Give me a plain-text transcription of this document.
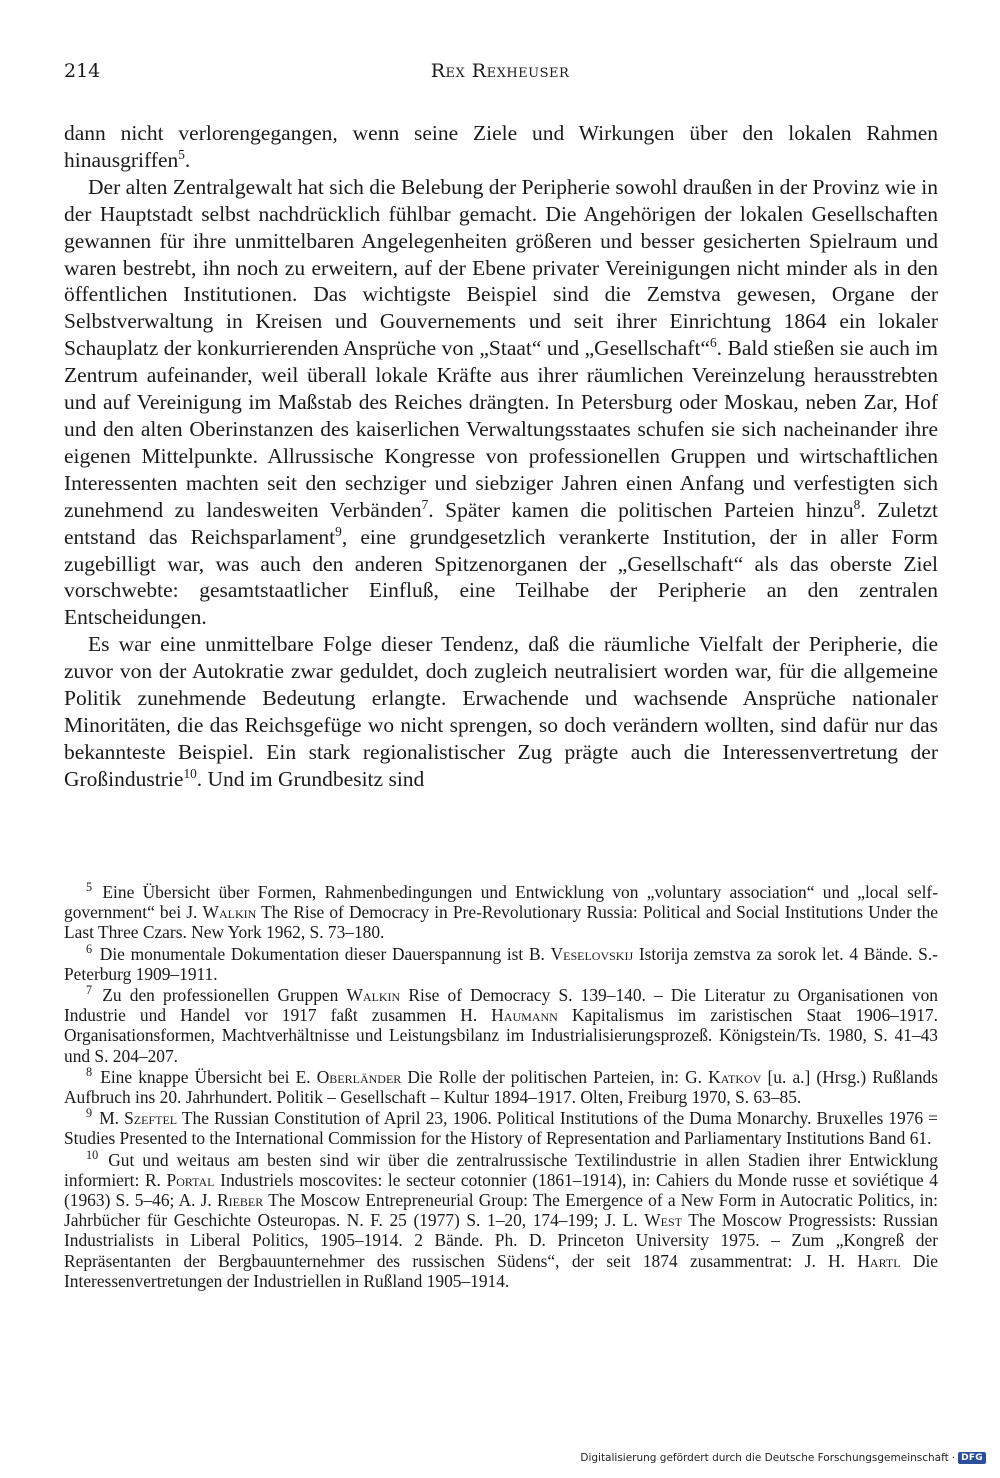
214	Rex Rexheuser

dann nicht verlorengegangen, wenn seine Ziele und Wirkungen über den lokalen Rahmen hinausgriffen$^5$.

Der alten Zentralgewalt hat sich die Belebung der Peripherie sowohl draußen in der Provinz wie in der Hauptstadt selbst nachdrücklich fühlbar gemacht. Die Angehörigen der lokalen Gesellschaften gewannen für ihre unmittelbaren Angelegenheiten größeren und besser gesicherten Spielraum und waren bestrebt, ihn noch zu erweitern, auf der Ebene privater Vereinigungen nicht minder als in den öffentlichen Institutionen. Das wichtigste Beispiel sind die Zemstva gewesen, Organe der Selbstverwaltung in Kreisen und Gouvernements und seit ihrer Einrichtung 1864 ein lokaler Schauplatz der konkurrierenden Ansprüche von „Staat“ und „Gesellschaft“$^6$. Bald stießen sie auch im Zentrum aufeinander, weil überall lokale Kräfte aus ihrer räumlichen Vereinzelung herausstrebten und auf Vereinigung im Maßstab des Reiches drängten. In Petersburg oder Moskau, neben Zar, Hof und den alten Oberinstanzen des kaiserlichen Verwaltungsstaates schufen sie sich nacheinander ihre eigenen Mittelpunkte. Allrussische Kongresse von professionellen Gruppen und wirtschaftlichen Interessenten machten seit den sechziger und siebziger Jahren einen Anfang und verfestigten sich zunehmend zu landesweiten Verbänden$^7$. Später kamen die politischen Parteien hinzu$^8$. Zuletzt entstand das Reichsparlament$^9$, eine grundgesetzlich verankerte Institution, der in aller Form zugebilligt war, was auch den anderen Spitzenorganen der „Gesellschaft“ als das oberste Ziel vorschwebte: gesamtstaatlicher Einfluß, eine Teilhabe der Peripherie an den zentralen Entscheidungen.

Es war eine unmittelbare Folge dieser Tendenz, daß die räumliche Vielfalt der Peripherie, die zuvor von der Autokratie zwar geduldet, doch zugleich neutralisiert worden war, für die allgemeine Politik zunehmende Bedeutung erlangte. Erwachende und wachsende Ansprüche nationaler Minoritäten, die das Reichsgefüge wo nicht sprengen, so doch verändern wollten, sind dafür nur das bekannteste Beispiel. Ein stark regionalistischer Zug prägte auch die Interessenvertretung der Großindustrie$^{10}$. Und im Grundbesitz sind

$^5$ Eine Übersicht über Formen, Rahmenbedingungen und Entwicklung von „voluntary association“ und „local self-government“ bei J. Walkin The Rise of Democracy in Pre-Revolutionary Russia: Political and Social Institutions Under the Last Three Czars. New York 1962, S. 73–180.

$^6$ Die monumentale Dokumentation dieser Dauerspannung ist B. Veselovskij Istorija zemstva za sorok let. 4 Bände. S.-Peterburg 1909–1911.

$^7$ Zu den professionellen Gruppen Walkin Rise of Democracy S. 139–140. – Die Literatur zu Organisationen von Industrie und Handel vor 1917 faßt zusammen H. Haumann Kapitalismus im zaristischen Staat 1906–1917. Organisationsformen, Machtverhältnisse und Leistungsbilanz im Industrialisierungsprozeß. Königstein/Ts. 1980, S. 41–43 und S. 204–207.

$^8$ Eine knappe Übersicht bei E. Oberländer Die Rolle der politischen Parteien, in: G. Katkov [u. a.] (Hrsg.) Rußlands Aufbruch ins 20. Jahrhundert. Politik – Gesellschaft – Kultur 1894–1917. Olten, Freiburg 1970, S. 63–85.

$^9$ M. Szeftel The Russian Constitution of April 23, 1906. Political Institutions of the Duma Monarchy. Bruxelles 1976 = Studies Presented to the International Commission for the History of Representation and Parliamentary Institutions Band 61.

$^{10}$ Gut und weitaus am besten sind wir über die zentralrussische Textilindustrie in allen Stadien ihrer Entwicklung informiert: R. Portal Industriels moscovites: le secteur cotonnier (1861–1914), in: Cahiers du Monde russe et soviétique 4 (1963) S. 5–46; A. J. Rieber The Moscow Entrepreneurial Group: The Emergence of a New Form in Autocratic Politics, in: Jahrbücher für Geschichte Osteuropas. N. F. 25 (1977) S. 1–20, 174–199; J. L. West The Moscow Progressists: Russian Industrialists in Liberal Politics, 1905–1914. 2 Bände. Ph. D. Princeton University 1975. – Zum „Kongreß der Repräsentanten der Bergbauunternehmer des russischen Südens“, der seit 1874 zusammentrat: J. H. Hartl Die Interessenvertretungen der Industriellen in Rußland 1905–1914.

Digitalisierung gefördert durch die Deutsche Forschungsgemeinschaft · DFG
